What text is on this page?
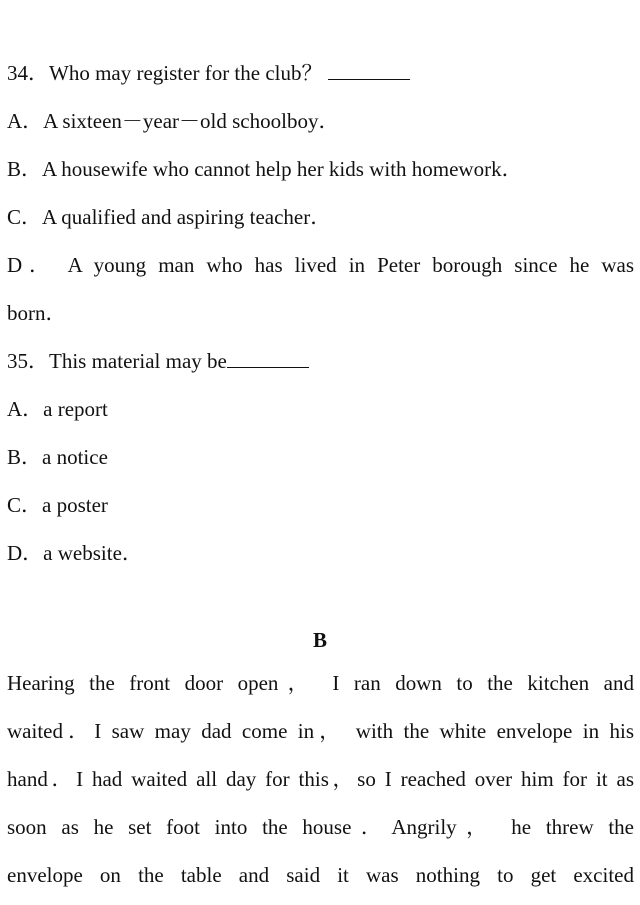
34．Who may register for the club？
A．A sixteen－year－old schoolboy．
B．A housewife who cannot help her kids with homework．
C．A qualified and aspiring teacher．
D． A young man who has lived in Peter borough since he was
born．
35．This material may be
A．a report
B．a notice
C．a poster
D．a website．
B
Hearing the front door open， I ran down to the kitchen and
waited．I saw may dad come in， with the white envelope in his
hand．I had waited all day for this，so I reached over him for it as
soon as he set foot into the house．Angrily， he threw the
envelope on the table and said it was nothing to get excited
